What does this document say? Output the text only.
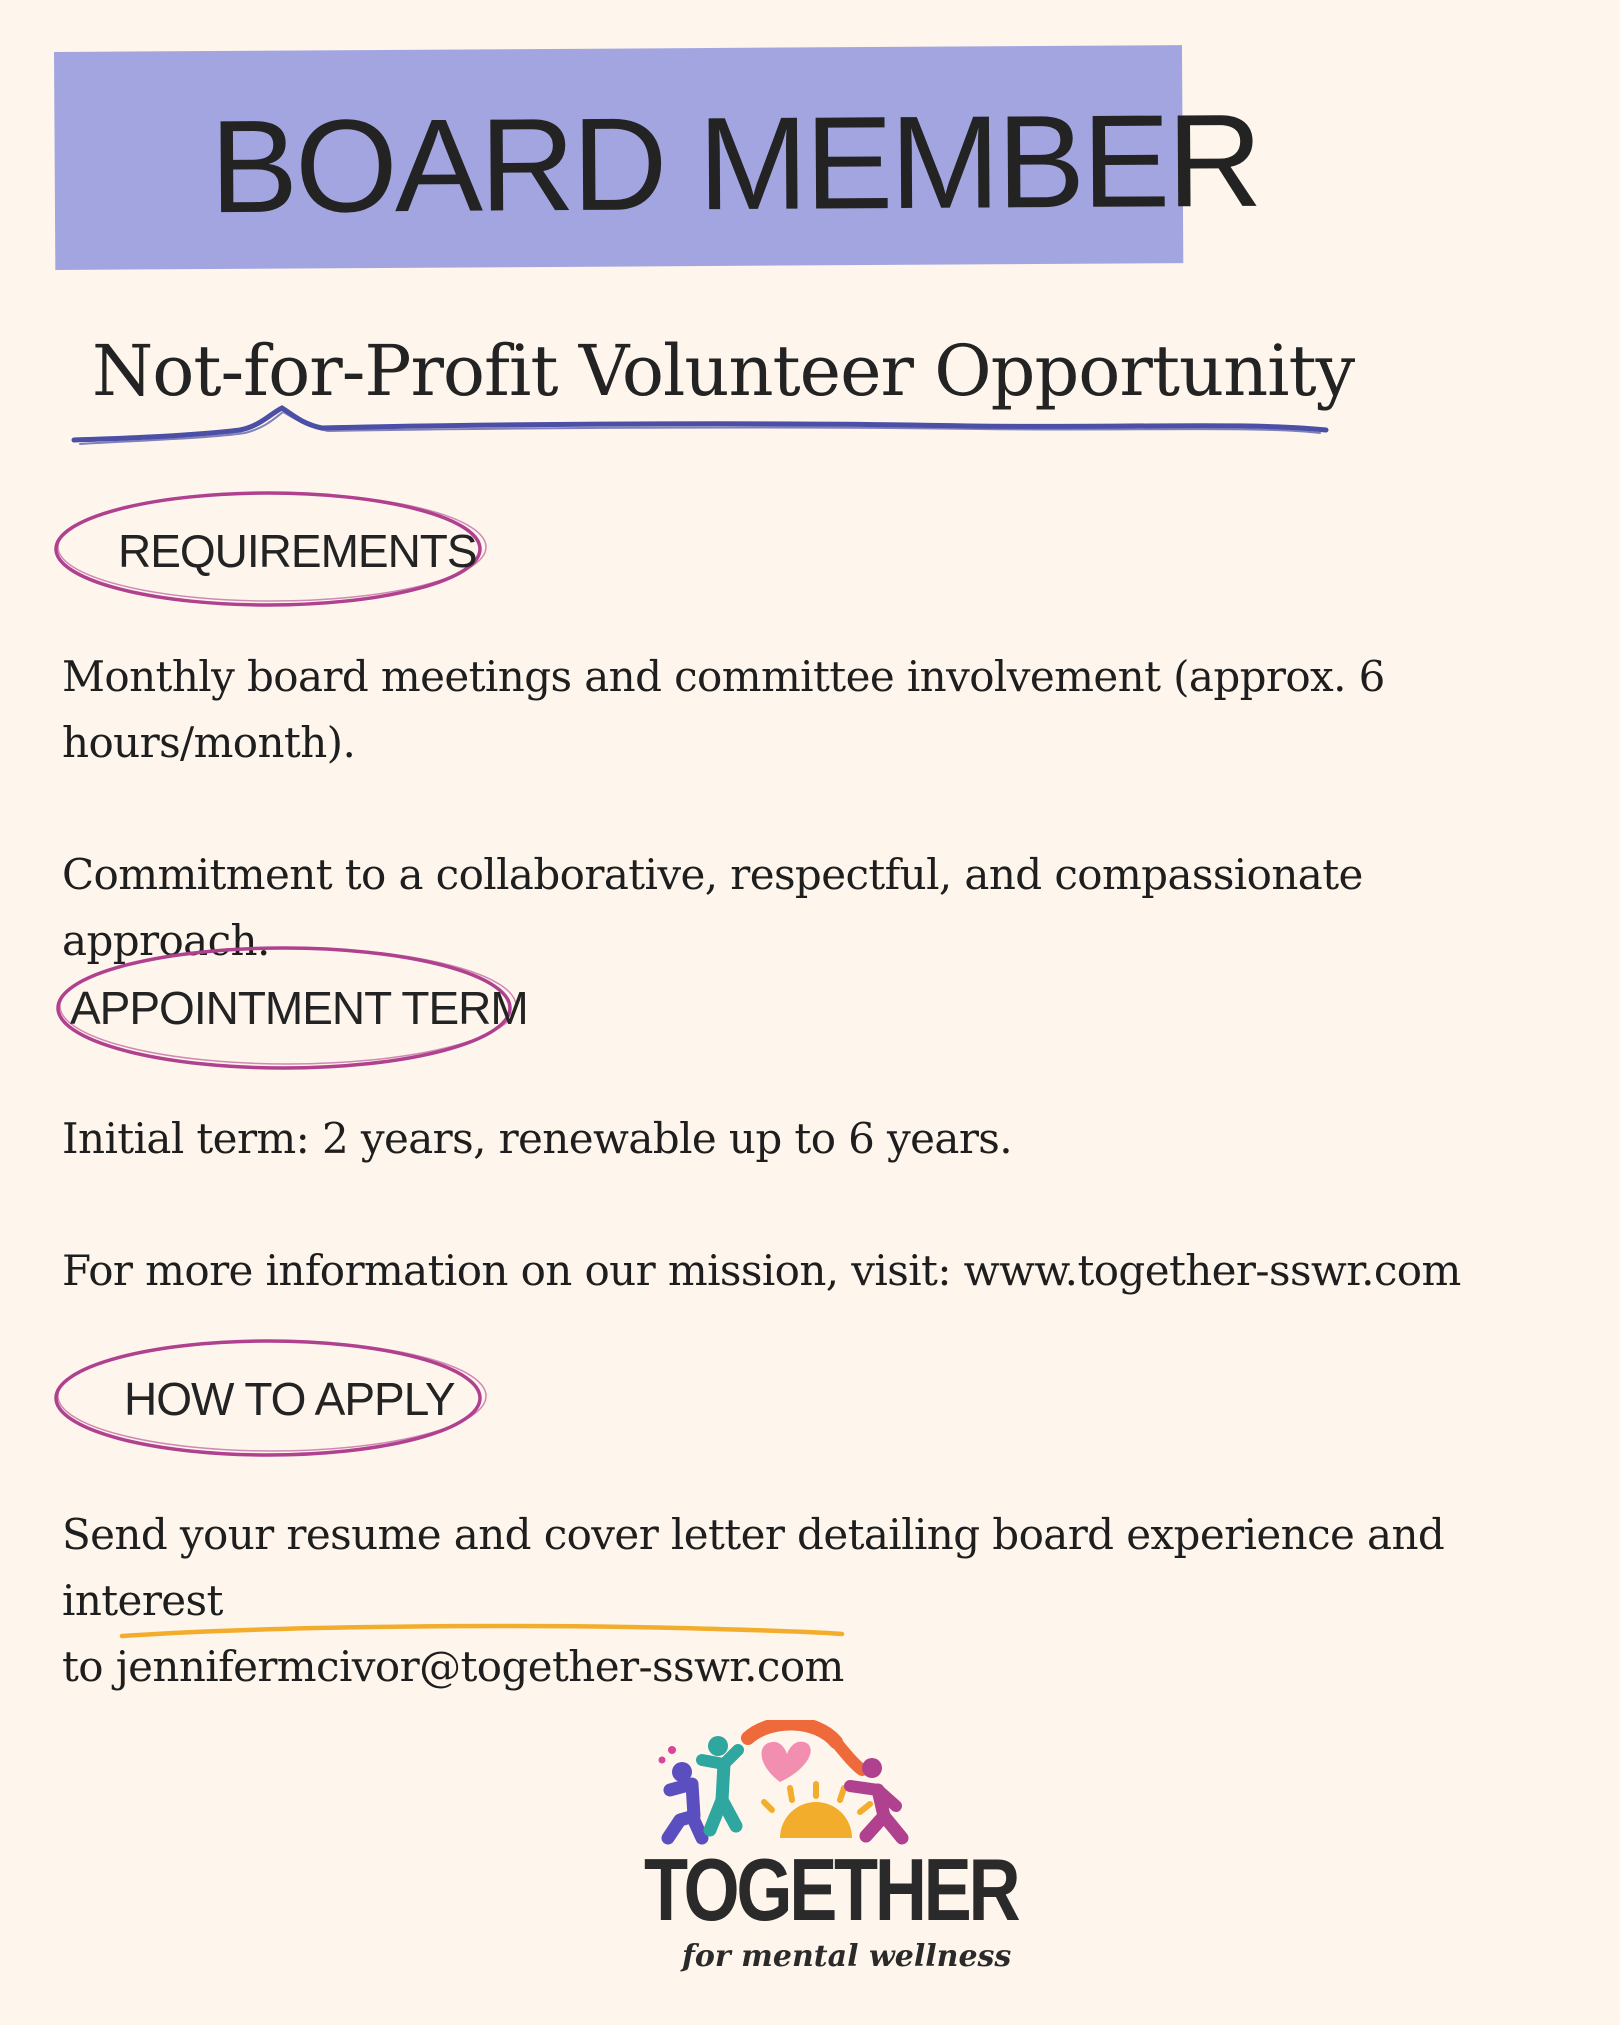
BOARD MEMBER
Not-for-Profit Volunteer Opportunity
REQUIREMENTS
Monthly board meetings and committee involvement (approx. 6 hours/month).
Commitment to a collaborative, respectful, and compassionate approach.
APPOINTMENT TERM
Initial term: 2 years, renewable up to 6 years.
For more information on our mission, visit: www.together-sswr.com
HOW TO APPLY
Send your resume and cover letter detailing board experience and interest
to jennifermcivor@together-sswr.com
TOGETHER
for mental wellness
